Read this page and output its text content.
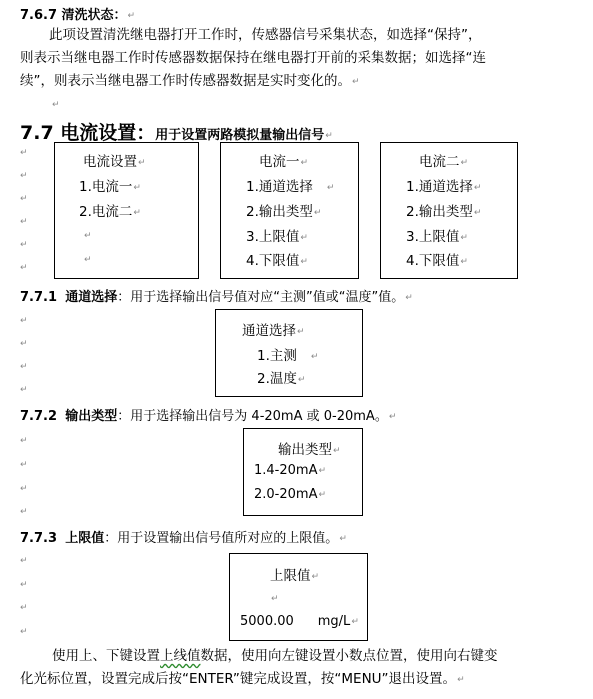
7.6.7 清洗状态：↵
此项设置清洗继电器打开工作时，传感器信号采集状态，如选择“保持”，
则表示当继电器工作时传感器数据保持在继电器打开前的采集数据；如选择“连
续”，则表示当继电器工作时传感器数据是实时变化的。↵
↵
7.7 电流设置：用于设置两路模拟量输出信号↵
↵
↵
↵
↵
↵
↵
电流设置↵
1.电流一↵
2.电流二↵
↵
↵
电流一↵
1.通道选择 ↵
2.输出类型↵
3.上限值↵
4.下限值↵
电流二↵
1.通道选择↵
2.输出类型↵
3.上限值↵
4.下限值↵
7.7.1 通道选择：用于选择输出信号值对应“主测”值或“温度”值。↵
↵
↵
↵
↵
通道选择↵
1.主测 ↵
2.温度↵
7.7.2 输出类型：用于选择输出信号为 4-20mA 或 0-20mA。↵
↵
↵
↵
↵
输出类型↵
1.4-20mA↵
2.0-20mA↵
7.7.3 上限值：用于设置输出信号值所对应的上限值。↵
↵
↵
↵
↵
上限值↵
↵
5000.00 mg/L↵
使用上、下键设置上线值数据，使用向左键设置小数点位置，使用向右键变
化光标位置，设置完成后按“ENTER”键完成设置，按“MENU”退出设置。↵
